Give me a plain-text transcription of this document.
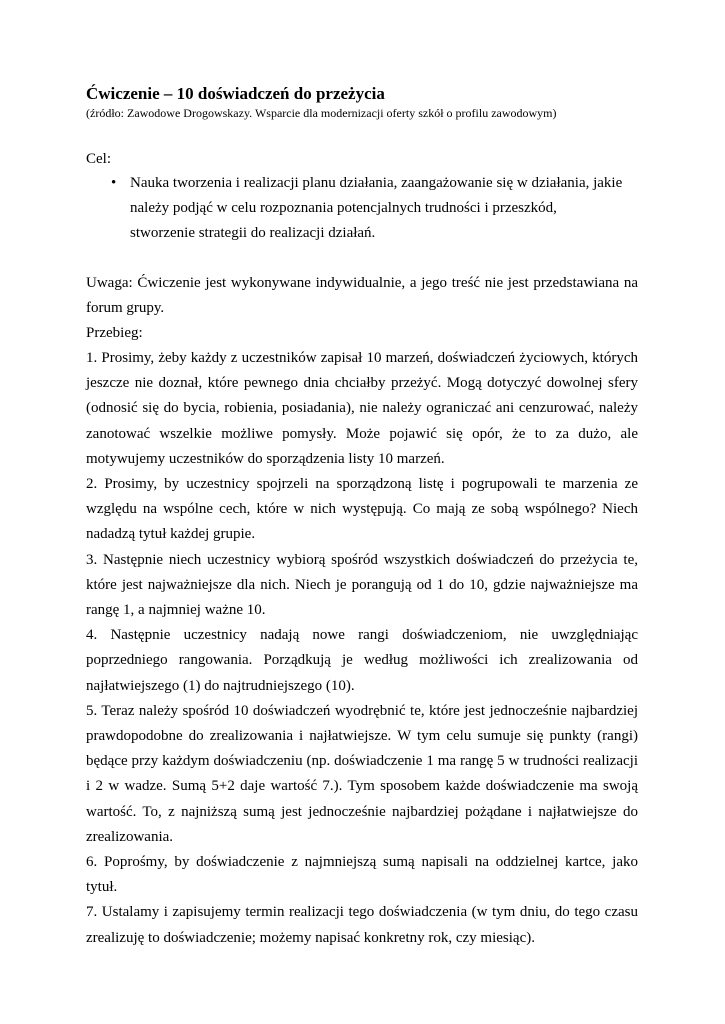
Ćwiczenie – 10 doświadczeń do przeżycia
(źródło: Zawodowe Drogowskazy. Wsparcie dla modernizacji oferty szkół o profilu zawodowym)
Cel:
• Nauka tworzenia i realizacji planu działania, zaangażowanie się w działania, jakie należy podjąć w celu rozpoznania potencjalnych trudności i przeszkód, stworzenie strategii do realizacji działań.
Uwaga: Ćwiczenie jest wykonywane indywidualnie, a jego treść nie jest przedstawiana na forum grupy.
Przebieg:

1. Prosimy, żeby każdy z uczestników zapisał 10 marzeń, doświadczeń życiowych, których jeszcze nie doznał, które pewnego dnia chciałby przeżyć. Mogą dotyczyć dowolnej sfery (odnosić się do bycia, robienia, posiadania), nie należy ograniczać ani cenzurować, należy zanotować wszelkie możliwe pomysły. Może pojawić się opór, że to za dużo, ale motywujemy uczestników do sporządzenia listy 10 marzeń.

2. Prosimy, by uczestnicy spojrzeli na sporządzoną listę i pogrupowali te marzenia ze względu na wspólne cech, które w nich występują. Co mają ze sobą wspólnego? Niech nadadzą tytuł każdej grupie.

3. Następnie niech uczestnicy wybiorą spośród wszystkich doświadczeń do przeżycia te, które jest najważniejsze dla nich. Niech je porangują od 1 do 10, gdzie najważniejsze ma rangę 1, a najmniej ważne 10.

4. Następnie uczestnicy nadają nowe rangi doświadczeniom, nie uwzględniając poprzedniego rangowania. Porządkują je według możliwości ich zrealizowania od najłatwiejszego (1) do najtrudniejszego (10).

5. Teraz należy spośród 10 doświadczeń wyodrębnić te, które jest jednocześnie najbardziej prawdopodobne do zrealizowania i najłatwiejsze. W tym celu sumuje się punkty (rangi) będące przy każdym doświadczeniu (np. doświadczenie 1 ma rangę 5 w trudności realizacji i 2 w wadze. Sumą 5+2 daje wartość 7.). Tym sposobem każde doświadczenie ma swoją wartość. To, z najniższą sumą jest jednocześnie najbardziej pożądane i najłatwiejsze do zrealizowania.

6. Poprośmy, by doświadczenie z najmniejszą sumą napisali na oddzielnej kartce, jako tytuł.

7. Ustalamy i zapisujemy termin realizacji tego doświadczenia (w tym dniu, do tego czasu zrealizuję to doświadczenie; możemy napisać konkretny rok, czy miesiąc).
